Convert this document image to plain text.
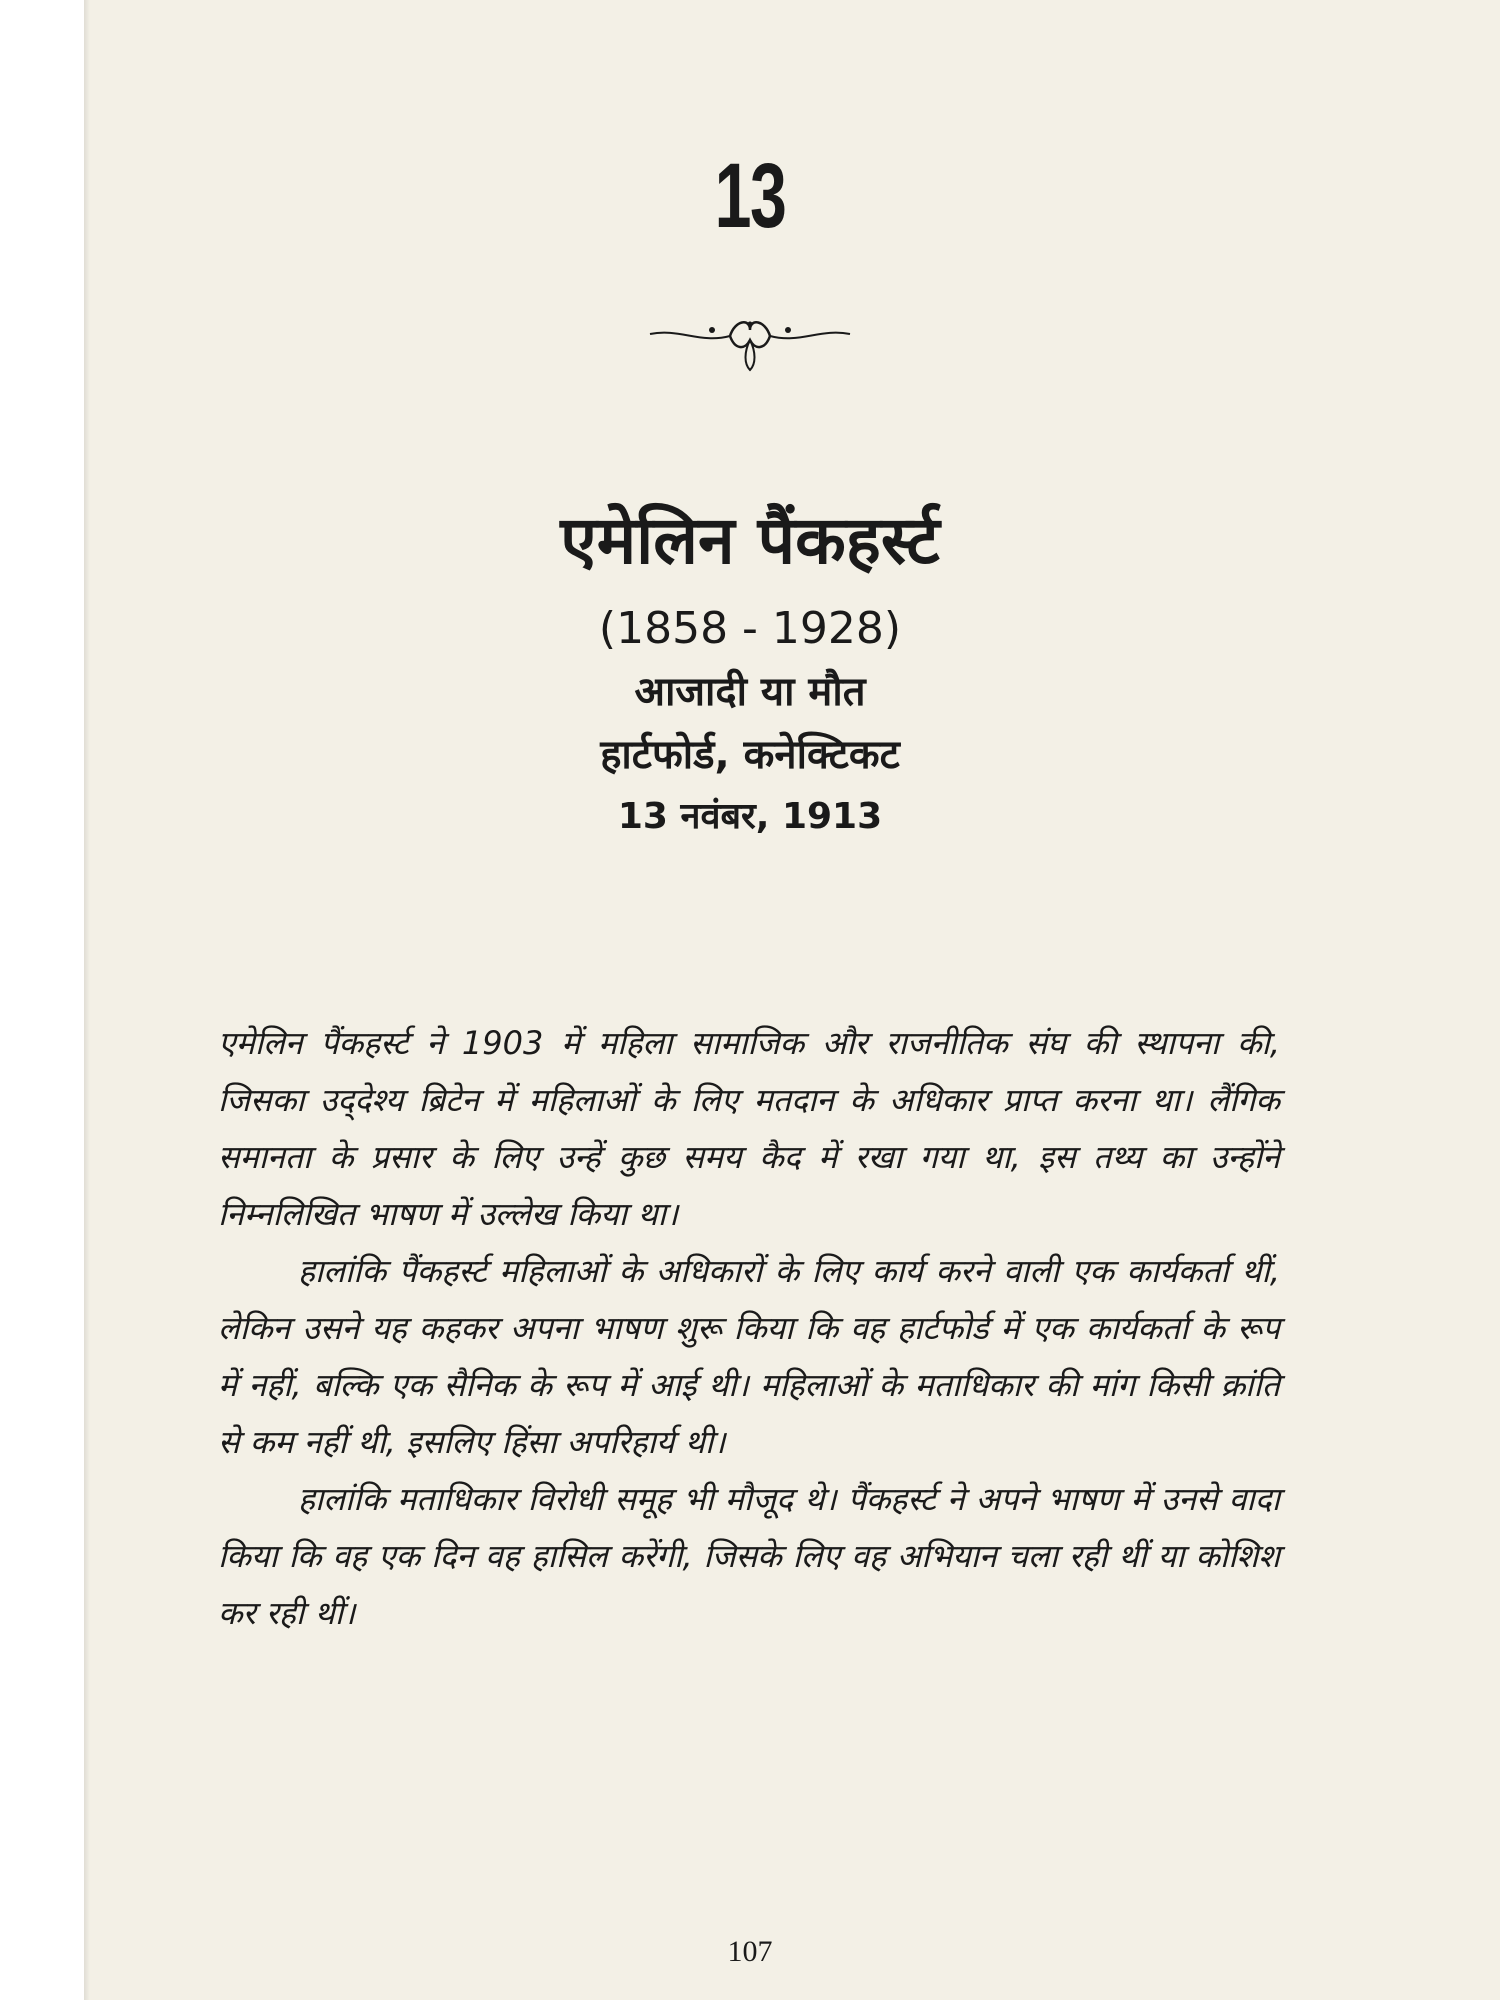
13
एमेलिन पैंकहर्स्ट
(1858 - 1928)
आजादी या मौत
हार्टफोर्ड, कनेक्टिकट
13 नवंबर, 1913

एमेलिन पैंकहर्स्ट ने 1903 में महिला सामाजिक और राजनीतिक संघ की स्थापना की, जिसका उद्‌देश्य ब्रिटेन में महिलाओं के लिए मतदान के अधिकार प्राप्त करना था। लैंगिक समानता के प्रसार के लिए उन्हें कुछ समय कैद में रखा गया था, इस तथ्य का उन्होंने निम्नलिखित भाषण में उल्लेख किया था।

हालांकि पैंकहर्स्ट महिलाओं के अधिकारों के लिए कार्य करने वाली एक कार्यकर्ता थीं, लेकिन उसने यह कहकर अपना भाषण शुरू किया कि वह हार्टफोर्ड में एक कार्यकर्ता के रूप में नहीं, बल्कि एक सैनिक के रूप में आई थी। महिलाओं के मताधिकार की मांग किसी क्रांति से कम नहीं थी, इसलिए हिंसा अपरिहार्य थी।

हालांकि मताधिकार विरोधी समूह भी मौजूद थे। पैंकहर्स्ट ने अपने भाषण में उनसे वादा किया कि वह एक दिन वह हासिल करेंगी, जिसके लिए वह अभियान चला रही थीं या कोशिश कर रही थीं।

107
